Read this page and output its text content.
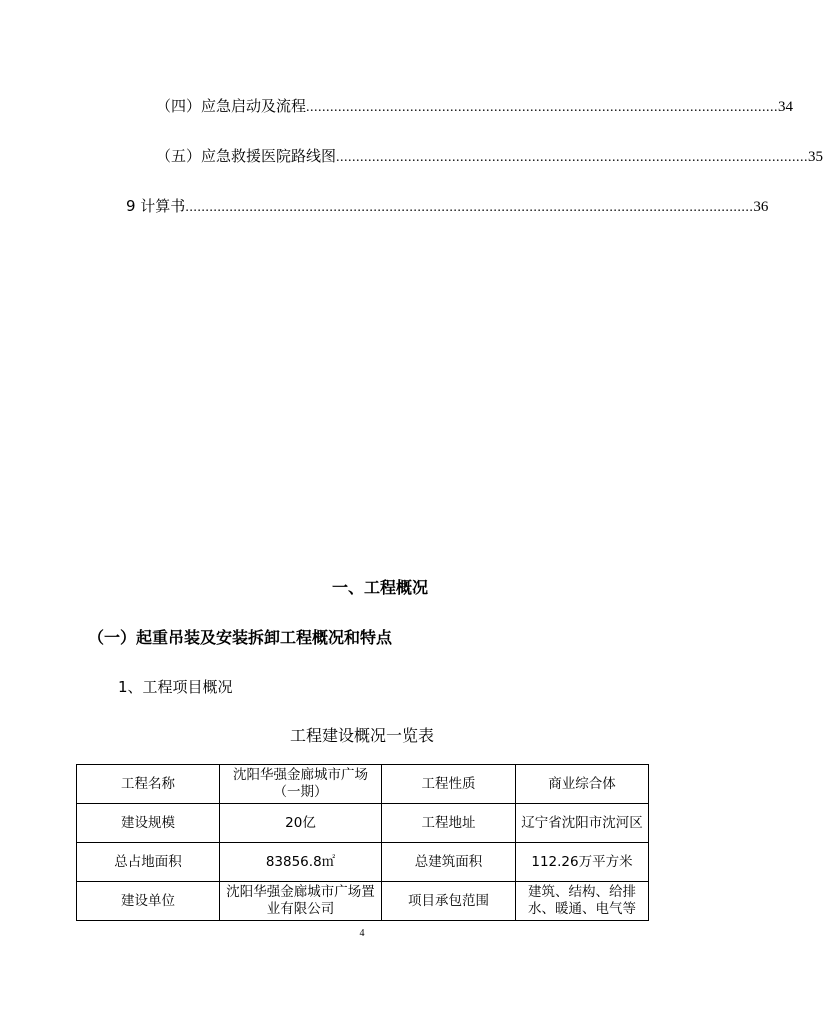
（四）应急启动及流程 ...................................................................................................................... 34
（五）应急救援医院路线图 ...................................................................................................................... 35
9 计算书 .............................................................................................................................................. 36
一、工程概况
（一）起重吊装及安装拆卸工程概况和特点
1、工程项目概况
工程建设概况一览表
工程名称	沈阳华强金廊城市广场（一期）	工程性质	商业综合体
建设规模	20亿	工程地址	辽宁省沈阳市沈河区
总占地面积	83856.8㎡	总建筑面积	112.26万平方米
建设单位	沈阳华强金廊城市广场置业有限公司	项目承包范围	建筑、结构、给排水、暖通、电气等
4
